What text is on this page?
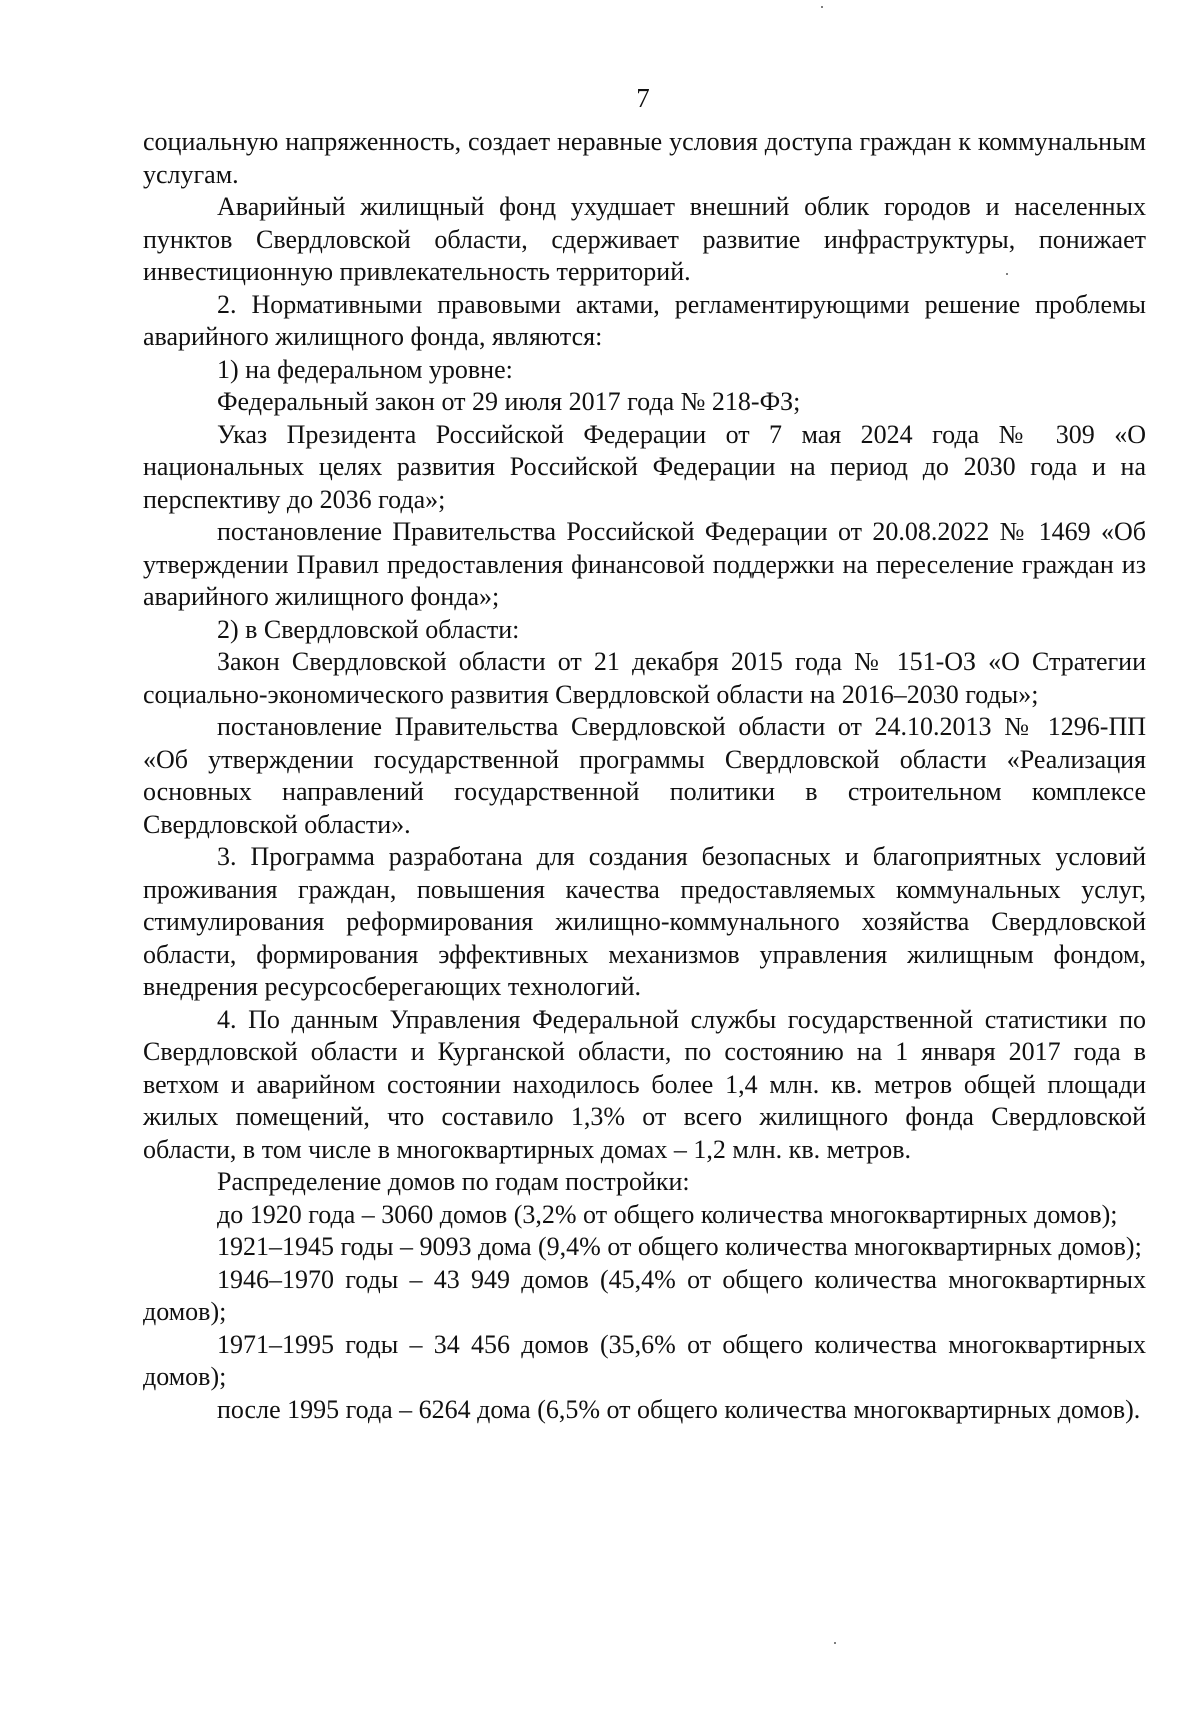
7

социальную напряженность, создает неравные условия доступа граждан к коммунальным услугам.

Аварийный жилищный фонд ухудшает внешний облик городов и населенных пунктов Свердловской области, сдерживает развитие инфраструктуры, понижает инвестиционную привлекательность территорий.

2. Нормативными правовыми актами, регламентирующими решение проблемы аварийного жилищного фонда, являются:

1) на федеральном уровне:

Федеральный закон от 29 июля 2017 года № 218-ФЗ;

Указ Президента Российской Федерации от 7 мая 2024 года № 309 «О национальных целях развития Российской Федерации на период до 2030 года и на перспективу до 2036 года»;

постановление Правительства Российской Федерации от 20.08.2022 № 1469 «Об утверждении Правил предоставления финансовой поддержки на переселение граждан из аварийного жилищного фонда»;

2) в Свердловской области:

Закон Свердловской области от 21 декабря 2015 года № 151-ОЗ «О Стратегии социально-экономического развития Свердловской области на 2016–2030 годы»;

постановление Правительства Свердловской области от 24.10.2013 № 1296-ПП «Об утверждении государственной программы Свердловской области «Реализация основных направлений государственной политики в строительном комплексе Свердловской области».

3. Программа разработана для создания безопасных и благоприятных условий проживания граждан, повышения качества предоставляемых коммунальных услуг, стимулирования реформирования жилищно-коммунального хозяйства Свердловской области, формирования эффективных механизмов управления жилищным фондом, внедрения ресурсосберегающих технологий.

4. По данным Управления Федеральной службы государственной статистики по Свердловской области и Курганской области, по состоянию на 1 января 2017 года в ветхом и аварийном состоянии находилось более 1,4 млн. кв. метров общей площади жилых помещений, что составило 1,3% от всего жилищного фонда Свердловской области, в том числе в многоквартирных домах – 1,2 млн. кв. метров.

Распределение домов по годам постройки:

до 1920 года – 3060 домов (3,2% от общего количества многоквартирных домов);

1921–1945 годы – 9093 дома (9,4% от общего количества многоквартирных домов);

1946–1970 годы – 43 949 домов (45,4% от общего количества многоквартирных домов);

1971–1995 годы – 34 456 домов (35,6% от общего количества многоквартирных домов);

после 1995 года – 6264 дома (6,5% от общего количества многоквартирных домов).
